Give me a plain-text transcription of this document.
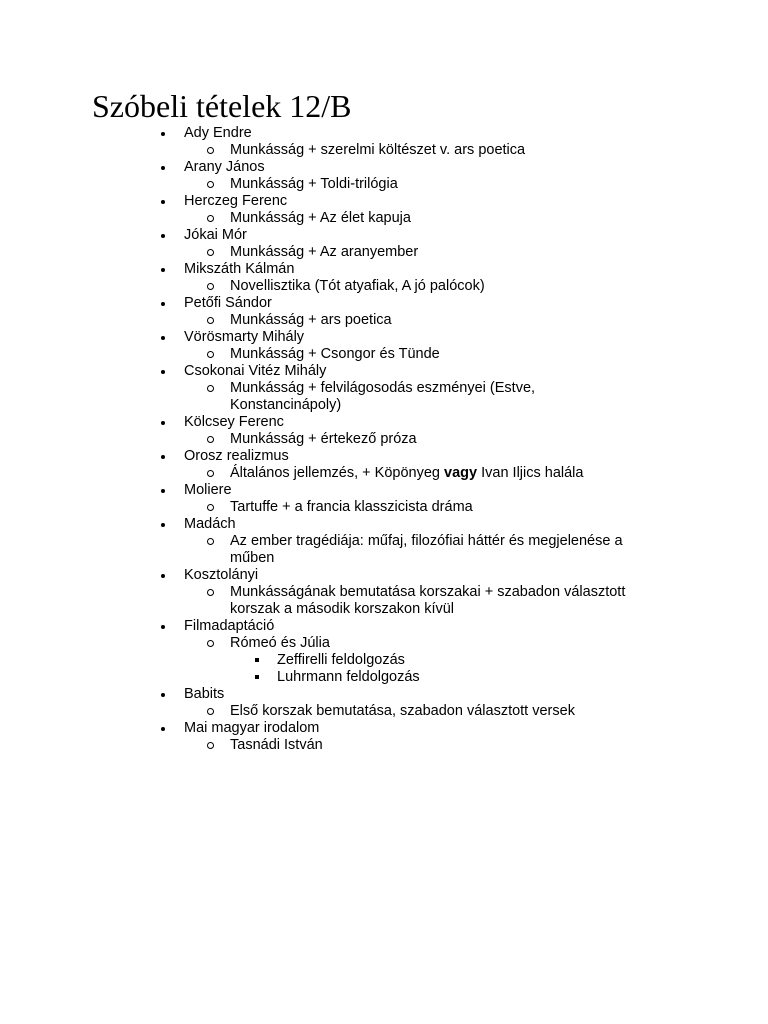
Szóbeli tételek 12/B
Ady Endre
Munkásság + szerelmi költészet v. ars poetica
Arany János
Munkásság + Toldi-trilógia
Herczeg Ferenc
Munkásság + Az élet kapuja
Jókai Mór
Munkásság + Az aranyember
Mikszáth Kálmán
Novellisztika (Tót atyafiak, A jó palócok)
Petőfi Sándor
Munkásság + ars poetica
Vörösmarty Mihály
Munkásság + Csongor és Tünde
Csokonai Vitéz Mihály
Munkásság + felvilágosodás eszményei (Estve, Konstancinápoly)
Kölcsey Ferenc
Munkásság + értekező próza
Orosz realizmus
Általános jellemzés, + Köpönyeg vagy Ivan Iljics halála
Moliere
Tartuffe + a francia klasszicista dráma
Madách
Az ember tragédiája: műfaj, filozófiai háttér és megjelenése a műben
Kosztolányi
Munkásságának bemutatása korszakai + szabadon választott korszak a második korszakon kívül
Filmadaptáció
Rómeó és Júlia
Zeffirelli feldolgozás
Luhrmann feldolgozás
Babits
Első korszak bemutatása, szabadon választott versek
Mai magyar irodalom
Tasnádi István
